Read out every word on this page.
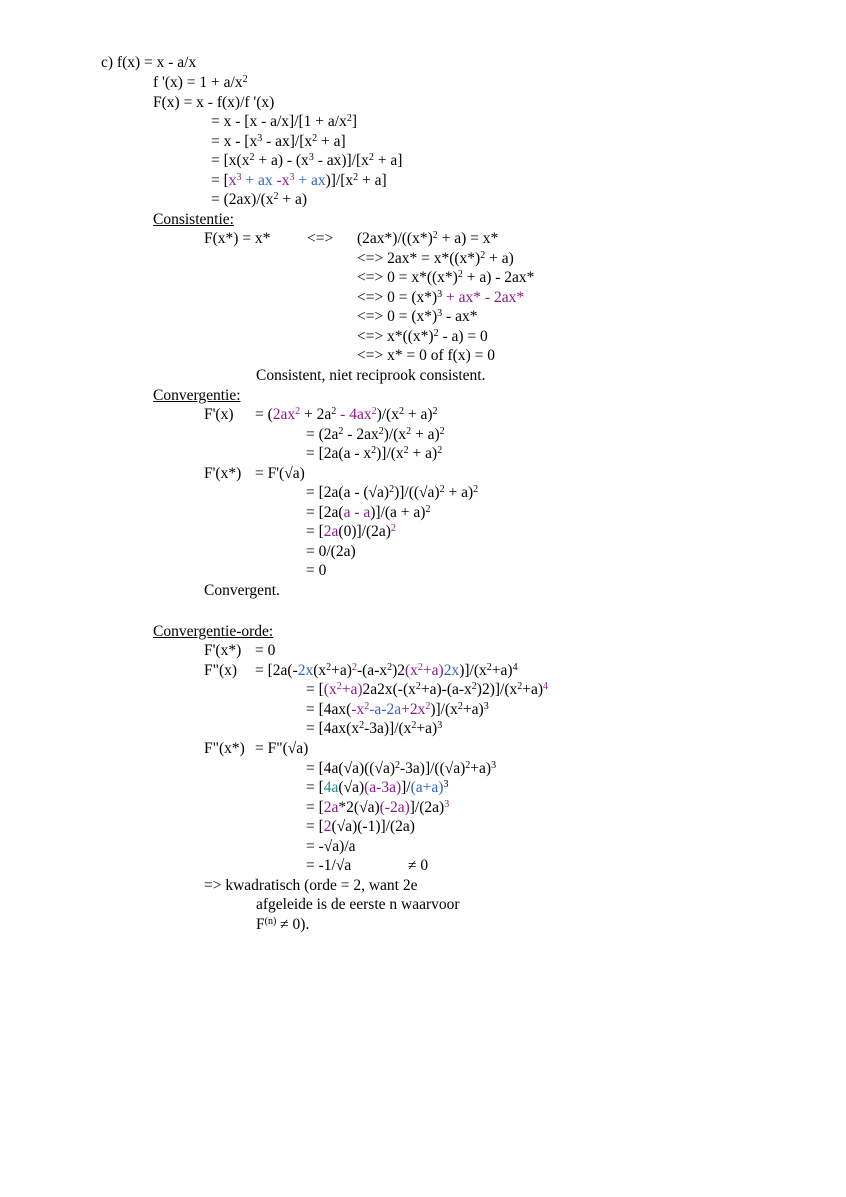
c) f(x) = x - a/x
f '$(x) = 1 + a/x^2$
F(x) = x - f(x)/f '(x)
= $x - [x - a/x]/[1 + a/x^2]$
= $x - [x^3 - ax]/[x^2 + a]$
= $[x(x^2 + a) - (x^3 - ax)]/[x^2 + a]$
= [$x^3$ + ax $-x^3 + ax)]/[x^2 + a]$
= $(2ax)/(x^2 + a)$
Consistentie:
F(x*) = x* <=> $(2ax*)/((x*)^2 + a) = x*$
<=> $2ax* = x*((x*)^2 + a)$
<=> $0 = x*((x*)^2 + a) - 2ax*$
<=> $0 = (x*)^3 + ax* - 2ax*$
<=> $0 = (x*)^3 - ax*$
<=> $x*((x*)^2 - a) = 0$
<=> x* = 0 of f(x) = 0
Consistent, niet reciprook consistent.
Convergentie:
$F'(x) = (2ax^2 + 2a^2 - 4ax^2)/(x^2 + a)^2$
= $(2a^2 - 2ax^2)/(x^2 + a)^2$
= $[2a(a - x^2)]/(x^2 + a)^2$
F'(x*) = F'(√a)
= $[2a(a - (√a)^2)]/((√a)^2 + a)^2$
= $[2a(a - a)]/(a + a)^2$
= $[2a(0)]/(2a)^2$
= 0/(2a)
= 0
Convergent.
Convergentie-orde:
F'(x*) = 0
F"(x) = $[2a(-2x(x^2+a)^2-(a-x^2)2(x^2+a)2x)]/(x^2+a)^4$
= $[(x^2+a)2a2x(-(x^2+a)-(a-x^2)2)]/(x^2+a)^4$
= $[4ax(-x^2-a-2a+2x^2)]/(x^2+a)^3$
= $[4ax(x^2-3a)]/(x^2+a)^3$
F"(x*) = F"(√a)
= $[4a(√a)((√a)^2-3a)]/((√a)^2+a)^3$
= $[4a(√a)(a-3a)]/(a+a)^3$
= $[2a*2(√a)(-2a)]/(2a)^3$
= [2(√a)(-1)]/(2a)
= -√a)/a
= -1/√a	≠ 0
=> kwadratisch (orde = 2, want 2e
afgeleide is de eerste n waarvoor
$F^{(n)} \ne 0$).
